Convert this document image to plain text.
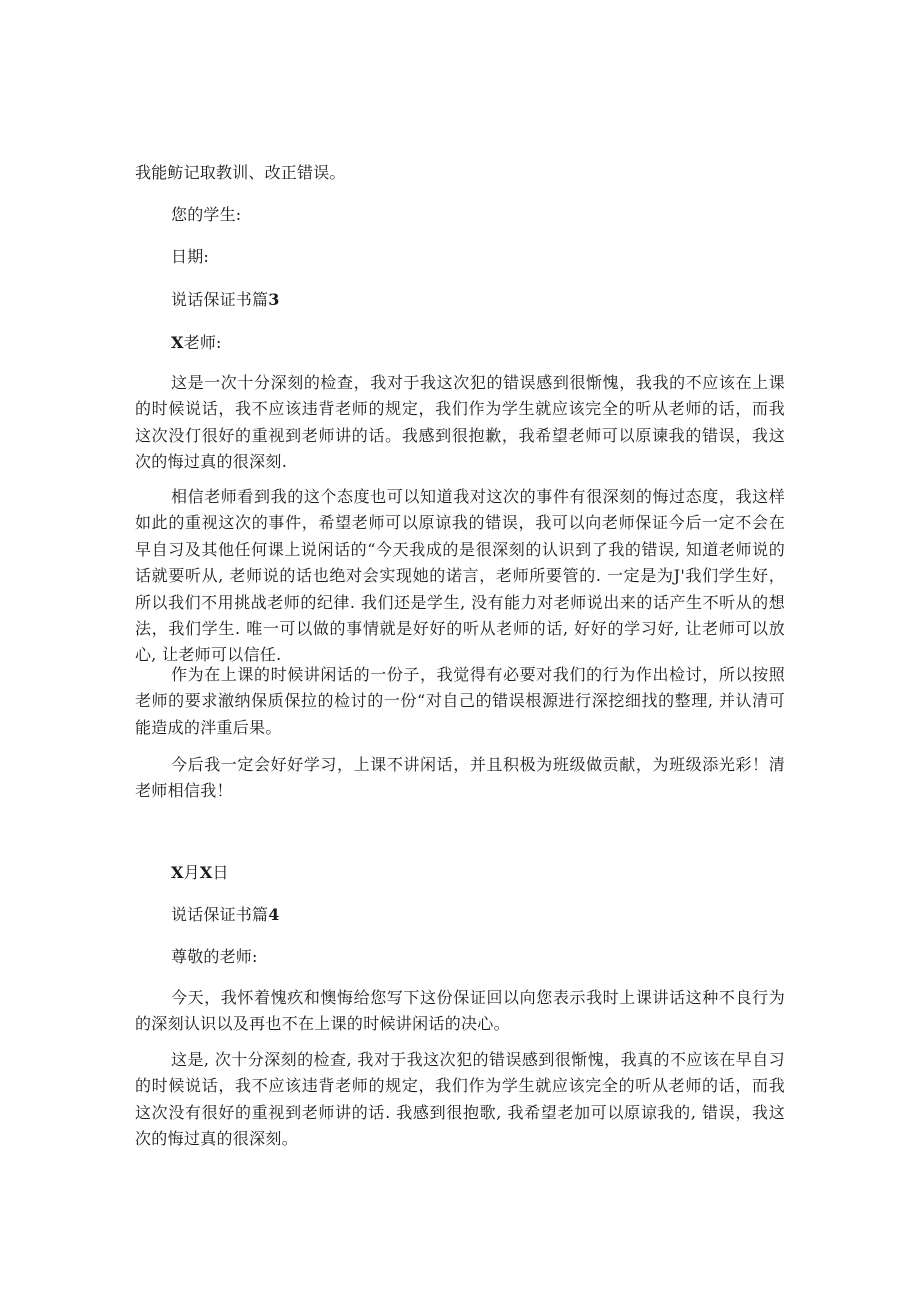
我能鲂记取教训、改正错误。
您的学生:
日期:
说话保证书篇3
X老师:
这是一次十分深刻的检查，我对于我这次犯的错误感到很惭愧，我我的不应该在上课的时候说话，我不应该违背老师的规定，我们作为学生就应该完全的听从老师的话，而我这次没仃很好的重视到老师讲的话。我感到很抱歉，我希望老师可以原谏我的错误，我这次的悔过真的很深刻.
相信老师看到我的这个态度也可以知道我对这次的事件有很深刻的悔过态度，我这样如此的重视这次的事件，希望老师可以原谅我的错误，我可以向老师保证今后一定不会在早自习及其他任何课上说闲话的“今天我成的是很深刻的认识到了我的错误, 知道老师说的话就要听从, 老师说的话也绝对会实现她的诺言，老师所要管的. 一定是为J'我们学生好，所以我们不用挑战老师的纪律. 我们还是学生, 没有能力对老师说出来的话产生不听从的想法，我们学生. 唯一可以做的事情就是好好的听从老师的话, 好好的学习好, 让老师可以放心, 让老师可以信任.
作为在上课的时候讲闲话的一份子，我觉得有必要对我们的行为作出检讨，所以按照老师的要求澈纳保质保拉的检讨的一份“对自己的错误根源进行深挖细找的整理, 并认清可能造成的泮重后果。
今后我一定会好好学习，上课不讲闲话，并且积极为班级做贡献，为班级添光彩！清老师相信我！
X月X日
说话保证书篇4
尊敬的老师:
今天，我怀着愧疚和懊悔给您写下这份保证回以向您表示我时上课讲话这种不良行为的深刻认识以及再也不在上课的时候讲闲话的决心。
这是, 次十分深刻的检查, 我对于我这次犯的错误感到很惭愧，我真的不应该在早自习的时候说话，我不应该违背老师的规定，我们作为学生就应该完全的听从老师的话，而我这次没有很好的重视到老师讲的话. 我感到很抱歌, 我希望老加可以原谅我的, 错误，我这次的悔过真的很深刻。
